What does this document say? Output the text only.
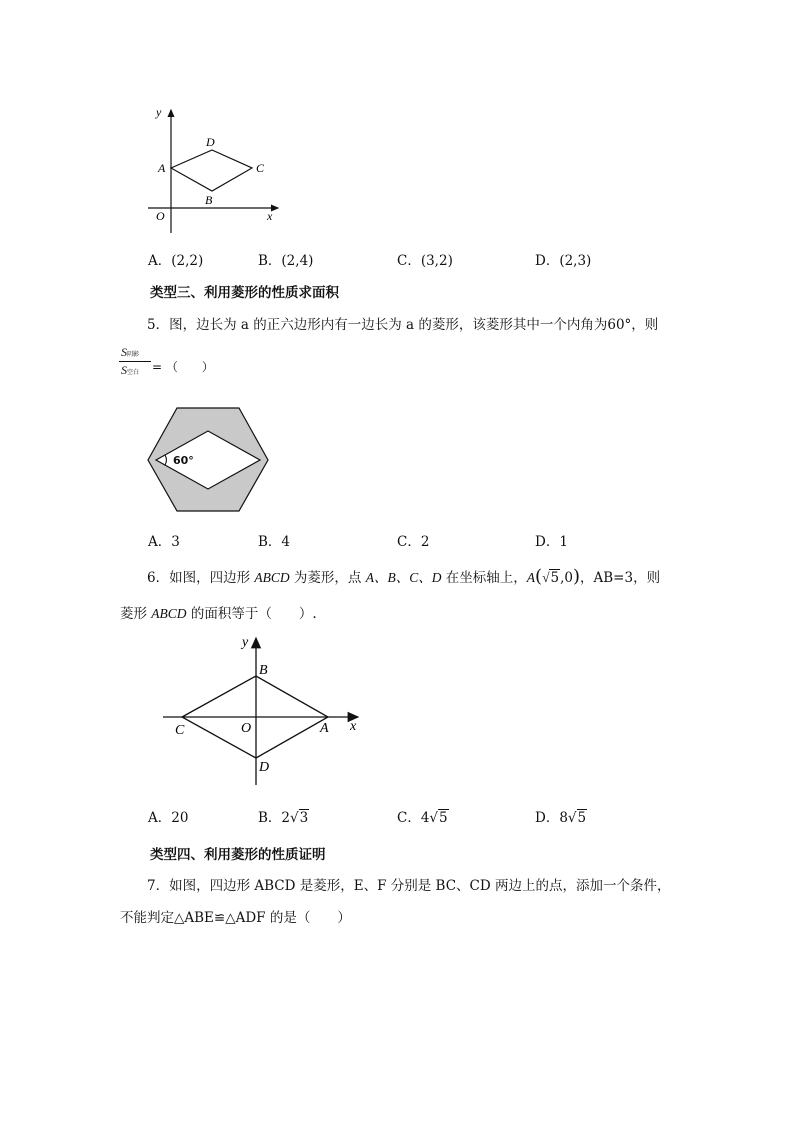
y
x
O
A
D
C
B
A．(2,2)	B．(2,4)	C．(3,2)	D．(2,3)
类型三、利用菱形的性质求面积
5．图，边长为 a 的正六边形内有一边长为 a 的菱形，该菱形其中一个内角为60°，则
S阴影
S空白 = （　　）
60°
A．3	B．4	C．2	D．1
6．如图，四边形 ABCD 为菱形，点 A、B、C、D 在坐标轴上，A(√5,0)，AB=3，则
菱形 ABCD 的面积等于（　　）.
y
x
O	A
B
C
D
A．20	B．2√3	C．4√5	D．8√5
类型四、利用菱形的性质证明
7．如图，四边形 ABCD 是菱形，E、F 分别是 BC、CD 两边上的点，添加一个条件，
不能判定△ABE≌△ADF 的是（　　）
